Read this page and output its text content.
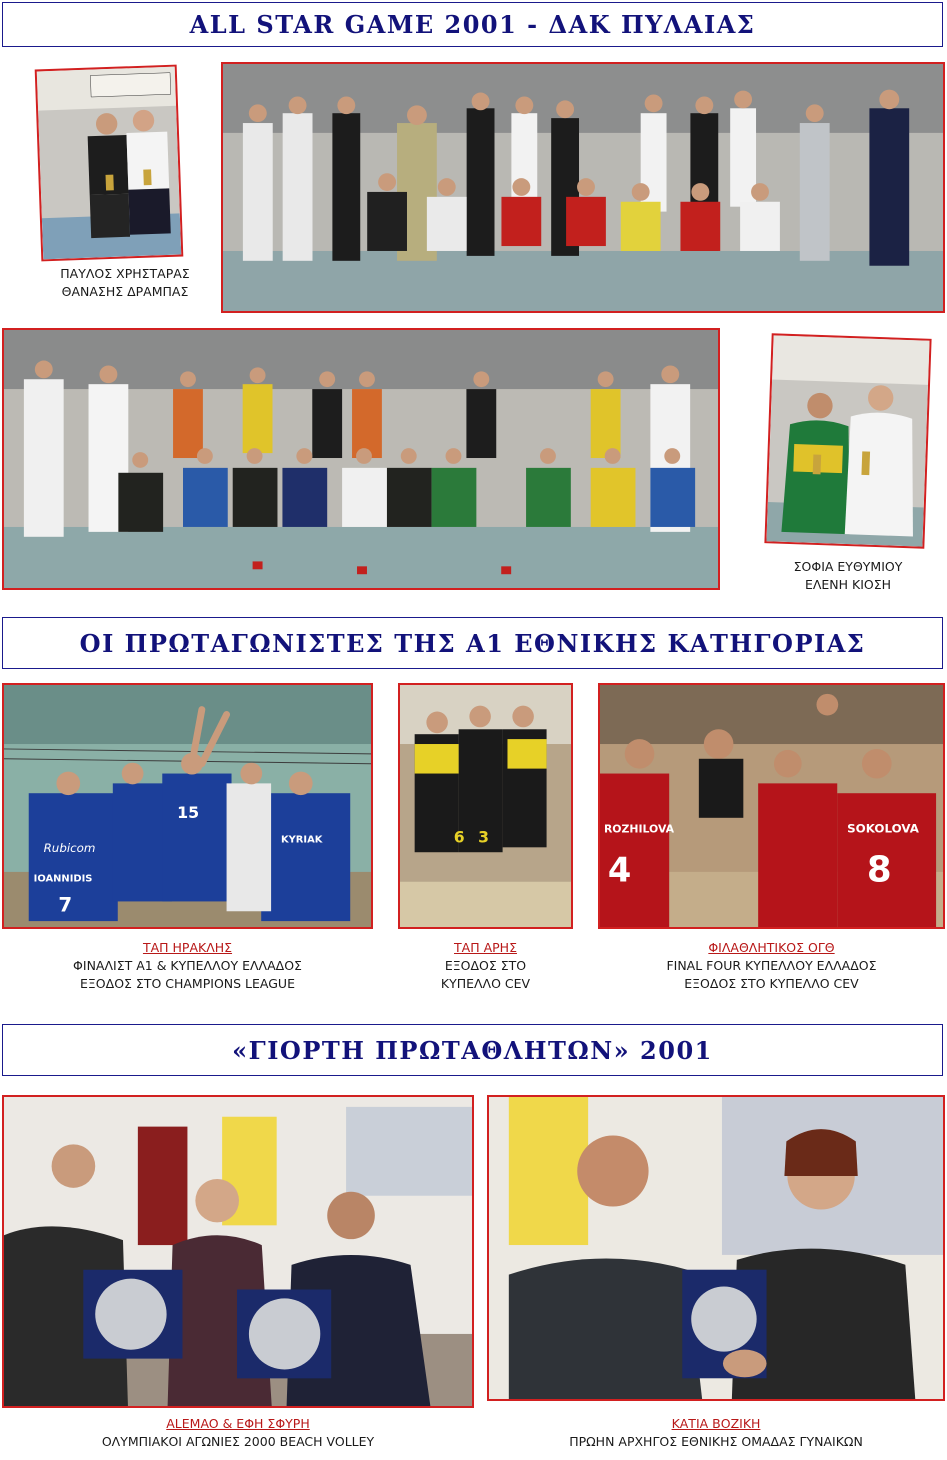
ALL STAR GAME 2001 - ΔΑΚ ΠΥΛΑΙΑΣ
ΠΑΥΛΟΣ ΧΡΗΣΤΑΡΑΣ
ΘΑΝΑΣΗΣ ΔΡΑΜΠΑΣ
ΣΟΦΙΑ ΕΥΘΥΜΙΟΥ
ΕΛΕΝΗ ΚΙΟΣΗ
ΟΙ ΠΡΩΤΑΓΩΝΙΣΤΕΣ ΤΗΣ Α1 ΕΘΝΙΚΗΣ ΚΑΤΗΓΟΡΙΑΣ
IOANNIDIS
7
KYRIAK
15
Rubicom
ΤΑΠ ΗΡΑΚΛΗΣ
ΦΙΝΑΛΙΣΤ Α1 & ΚΥΠΕΛΛΟΥ ΕΛΛΑΔΟΣ
ΕΞΟΔΟΣ ΣΤΟ CHAMPIONS LEAGUE
6 3
ΤΑΠ ΑΡΗΣ
ΕΞΟΔΟΣ ΣΤΟ
ΚΥΠΕΛΛΟ CEV
SOKOLOVA
8
ROZHILOVA
4
ΦΙΛΑΘΛΗΤΙΚΟΣ ΟΓΘ
FINAL FOUR ΚΥΠΕΛΛΟΥ ΕΛΛΑΔΟΣ
ΕΞΟΔΟΣ ΣΤΟ ΚΥΠΕΛΛΟ CEV
«ΓΙΟΡΤΗ ΠΡΩΤΑΘΛΗΤΩΝ» 2001
ALEMAO & ΕΦΗ ΣΦΥΡΗ
ΟΛΥΜΠΙΑΚΟΙ ΑΓΩΝΙΕΣ 2000 BEACH VOLLEY
ΚΑΤΙΑ ΒΟΖΙΚΗ
ΠΡΩΗΝ ΑΡΧΗΓΟΣ ΕΘΝΙΚΗΣ ΟΜΑΔΑΣ ΓΥΝΑΙΚΩΝ
